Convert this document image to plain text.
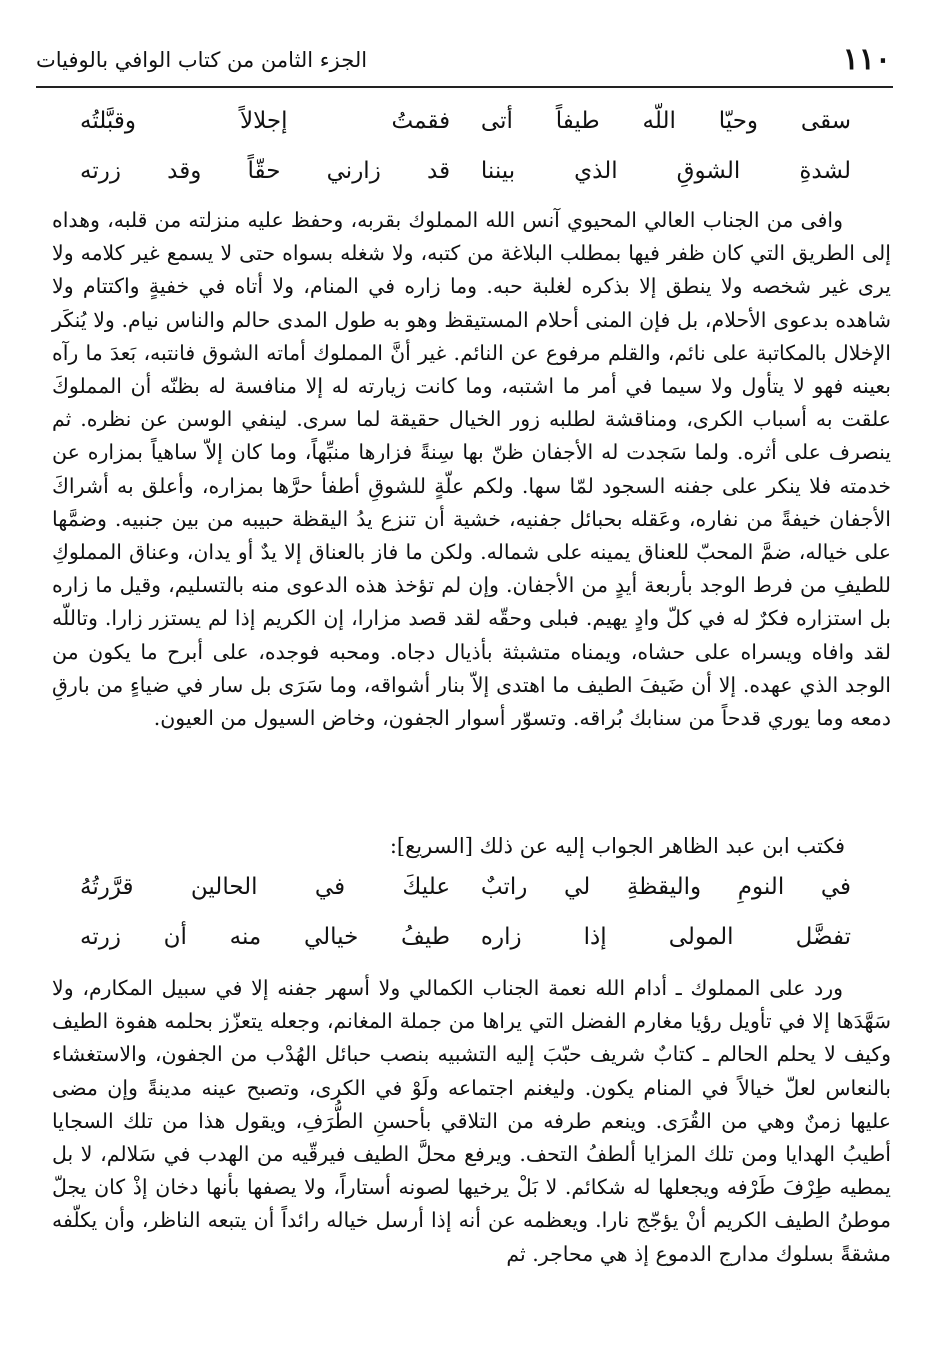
١١٠
الجزء الثامن من كتاب الوافي بالوفيات
سقى وحيّا اللّه طيفاً أتى
فقمتُ إجلالاً وقبَّلتُه
لشدةِ الشوقِ الذي بيننا
قد زارني حقّاً وقد زرته

وافى من الجناب العالي المحيوي آنس الله المملوك بقربه، وحفظ عليه منزلته من قلبه، وهداه إلى الطريق التي كان ظفر فيها بمطلب البلاغة من كتبه، ولا شغله بسواه حتى لا يسمع غير كلامه ولا يرى غير شخصه ولا ينطق إلا بذكره لغلبة حبه. وما زاره في المنام، ولا أتاه في خفيةٍ واكتتام ولا شاهده بدعوى الأحلام، بل فإن المنى أحلام المستيقظ وهو به طول المدى حالم والناس نيام. ولا يُنكَر الإخلال بالمكاتبة على نائم، والقلم مرفوع عن النائم. غير أنَّ المملوك أماته الشوق فانتبه، بَعدَ ما رآه بعينه فهو لا يتأول ولا سيما في أمر ما اشتبه، وما كانت زيارته له إلا منافسة له بظنّه أن المملوكَ علقت به أسباب الكرى، ومناقشة لطلبه زور الخيال حقيقة لما سرى. لينفي الوسن عن نظره. ثم ينصرف على أثره. ولما سَجدت له الأجفان ظنّ بها سِنةً فزارها منبِّهاً، وما كان إلاّ ساهياً بمزاره عن خدمته فلا ينكر على جفنه السجود لمّا سها. ولكم علّةٍ للشوقِ أطفأ حرَّها بمزاره، وأعلق به أشراكَ الأجفان خيفةً من نفاره، وعَقله بحبائل جفنيه، خشية أن تنزع يدُ اليقظة حبيبه من بين جنبيه. وضمَّها على خياله، ضمَّ المحبّ للعناق يمينه على شماله. ولكن ما فاز بالعناق إلا يدٌ أو يدان، وعناق المملوكِ للطيفِ من فرط الوجد بأربعة أيدٍ من الأجفان. وإن لم تؤخذ هذه الدعوى منه بالتسليم، وقيل ما زاره بل استزاره فكرٌ له في كلّ وادٍ يهيم. فبلى وحقّه لقد قصد مزارا، إن الكريم إذا لم يستزر زارا. وتاللّه لقد وافاه ويسراه على حشاه، ويمناه متشبثة بأذيال دجاه. ومحبه فوجده، على أبرح ما يكون من الوجد الذي عهده. إلا أن ضَيفَ الطيف ما اهتدى إلاّ بنار أشواقه، وما سَرَى بل سار في ضياءٍ من بارقِ دمعه وما يوري قدحاً من سنابك بُراقه. وتسوّر أسوار الجفون، وخاض السيول من العيون.

فكتب ابن عبد الظاهر الجواب إليه عن ذلك [السريع]:
في النومِ واليقظةِ لي راتبٌ
عليكَ في الحالين قرَّرتُهُ
تفضَّل المولى إذا زاره
طيفُ خيالي منه أن زرته

ورد على المملوك ـ أدام الله نعمة الجناب الكمالي ولا أسهر جفنه إلا في سبيل المكارم، ولا سَهَّدَها إلا في تأويل رؤيا مغارم الفضل التي يراها من جملة المغانم، وجعله يتعزّز بحلمه هفوة الطيف وكيف لا يحلم الحالم ـ كتابٌ شريف حبّبَ إليه التشبيه بنصب حبائل الهُدْب من الجفون، والاستغشاء بالنعاس لعلّ خيالاً في المنام يكون. وليغنم اجتماعه ولَوْ في الكرى، وتصبح عينه مدينةً وإن مضى عليها زمنٌ وهي من القُرَى. وينعم طرفه من التلاقي بأحسنِ الطُّرَفِ، ويقول هذا من تلك السجايا أطيبُ الهدايا ومن تلك المزايا ألطفُ التحف. ويرفع محلَّ الطيف فيرقّيه من الهدب في سَلالم، لا بل يمطيه طِرْفَ طَرْفه ويجعلها له شكائم. لا بَلْ يرخيها لصونه أستاراً، ولا يصفها بأنها دخان إذْ كان يجلّ موطنُ الطيف الكريم أنْ يؤجّج نارا. ويعظمه عن أنه إذا أرسل خياله رائداً أن يتبعه الناظر، وأن يكلّفه مشقةً بسلوك مدارج الدموع إذ هي محاجر. ثم
